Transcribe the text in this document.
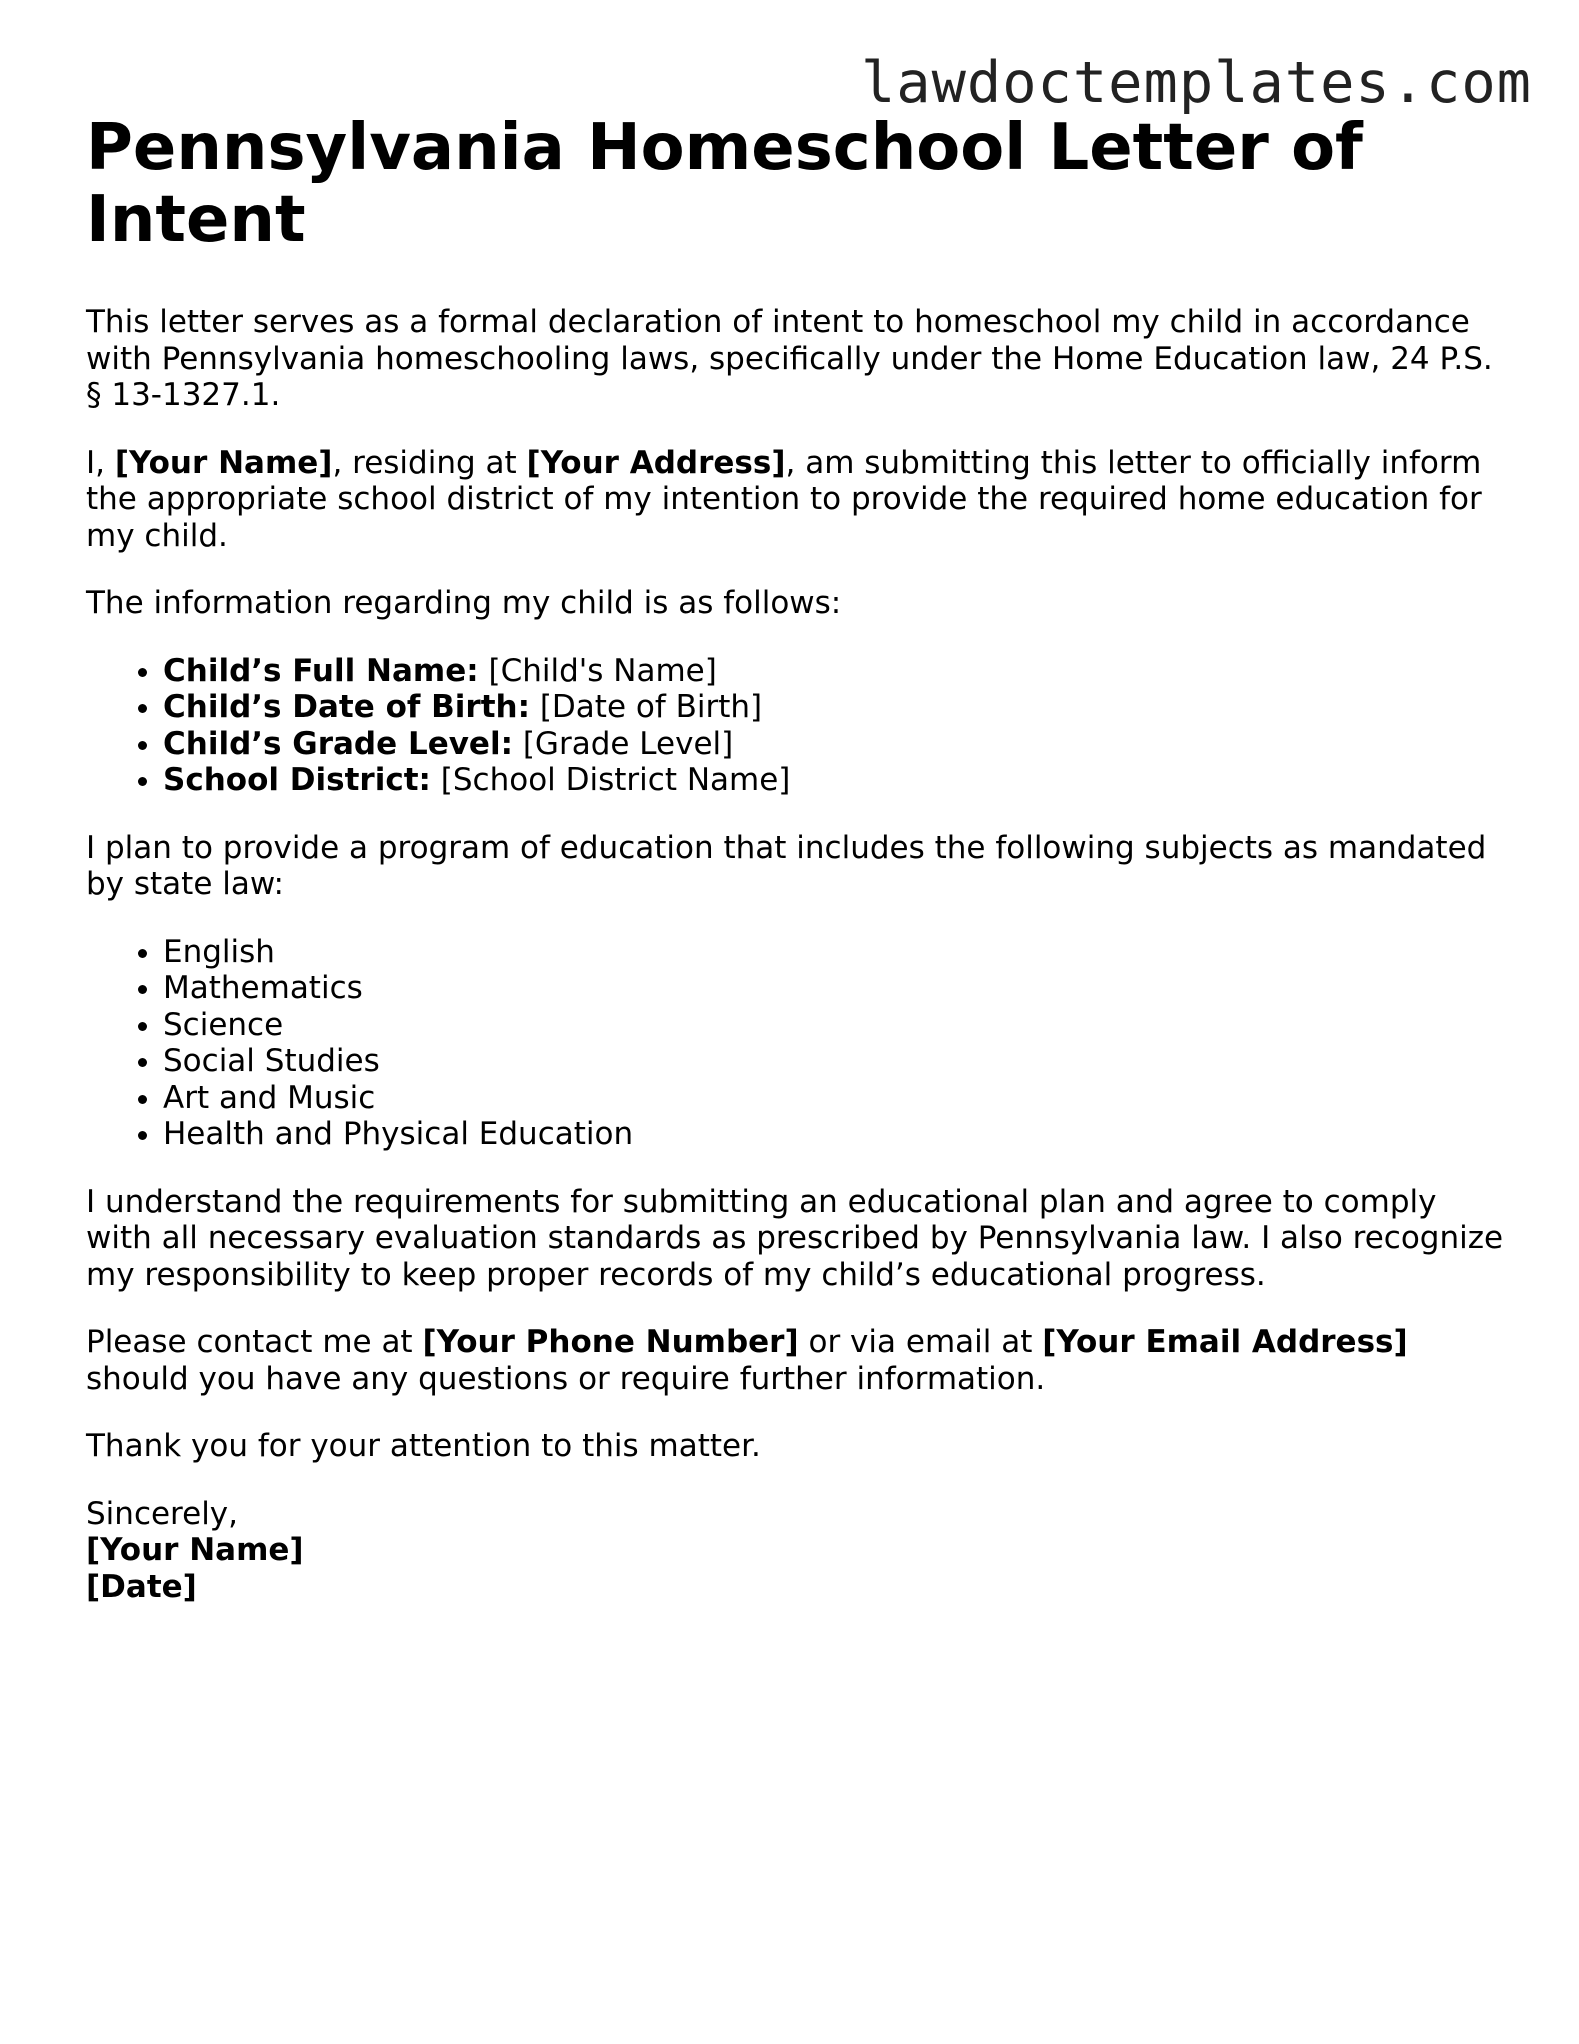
lawdoctemplates.com
Pennsylvania Homeschool Letter of Intent

This letter serves as a formal declaration of intent to homeschool my child in accordance with Pennsylvania homeschooling laws, specifically under the Home Education law, 24 P.S. § 13-1327.1.

I, [Your Name], residing at [Your Address], am submitting this letter to officially inform the appropriate school district of my intention to provide the required home education for my child.

The information regarding my child is as follows:

• Child’s Full Name: [Child's Name]
• Child’s Date of Birth: [Date of Birth]
• Child’s Grade Level: [Grade Level]
• School District: [School District Name]

I plan to provide a program of education that includes the following subjects as mandated by state law:

• English
• Mathematics
• Science
• Social Studies
• Art and Music
• Health and Physical Education

I understand the requirements for submitting an educational plan and agree to comply with all necessary evaluation standards as prescribed by Pennsylvania law. I also recognize my responsibility to keep proper records of my child’s educational progress.

Please contact me at [Your Phone Number] or via email at [Your Email Address] should you have any questions or require further information.

Thank you for your attention to this matter.

Sincerely,
[Your Name]
[Date]
